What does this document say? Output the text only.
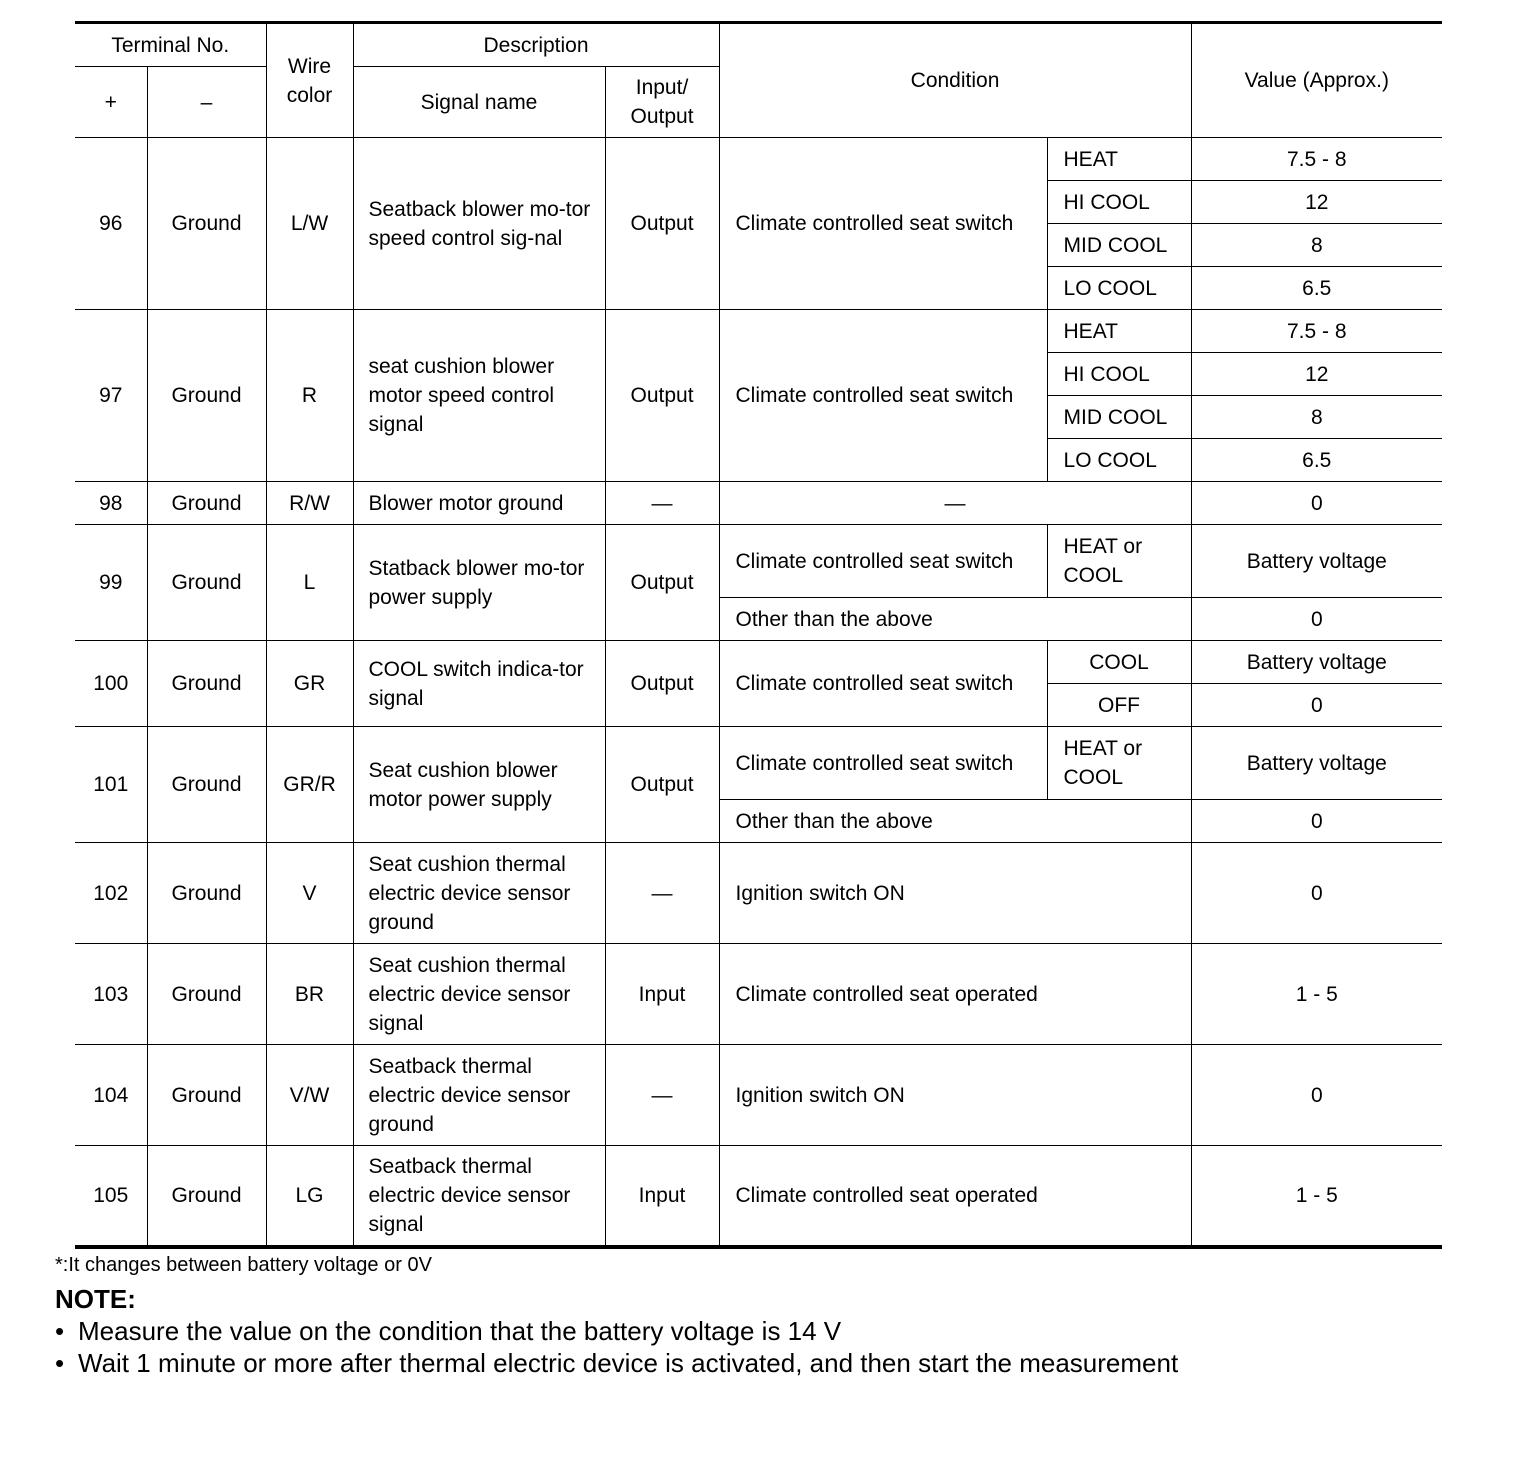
Terminal No.		Wire color	Description		Condition		Value (Approx.)
+	–		Signal name	Input/ Output			
96	Ground	L/W	Seatback blower mo-tor speed control sig-nal	Output	Climate controlled seat switch	HEAT	7.5 - 8
						HI COOL	12
						MID COOL	8
						LO COOL	6.5
97	Ground	R	seat cushion blower motor speed control signal	Output	Climate controlled seat switch	HEAT	7.5 - 8
						HI COOL	12
						MID COOL	8
						LO COOL	6.5
98	Ground	R/W	Blower motor ground	—	—		0
99	Ground	L	Statback blower mo-tor power supply	Output	Climate controlled seat switch	HEAT or COOL	Battery voltage
					Other than the above		0
100	Ground	GR	COOL switch indica-tor signal	Output	Climate controlled seat switch	COOL	Battery voltage
						OFF	0
101	Ground	GR/R	Seat cushion blower motor power supply	Output	Climate controlled seat switch	HEAT or COOL	Battery voltage
					Other than the above		0
102	Ground	V	Seat cushion thermal electric device sensor ground	—	Ignition switch ON		0
103	Ground	BR	Seat cushion thermal electric device sensor signal	Input	Climate controlled seat operated		1 - 5
104	Ground	V/W	Seatback thermal electric device sensor ground	—	Ignition switch ON		0
105	Ground	LG	Seatback thermal electric device sensor signal	Input	Climate controlled seat operated		1 - 5
*:It changes between battery voltage or 0V
NOTE:
• Measure the value on the condition that the battery voltage is 14 V
• Wait 1 minute or more after thermal electric device is activated, and then start the measurement
